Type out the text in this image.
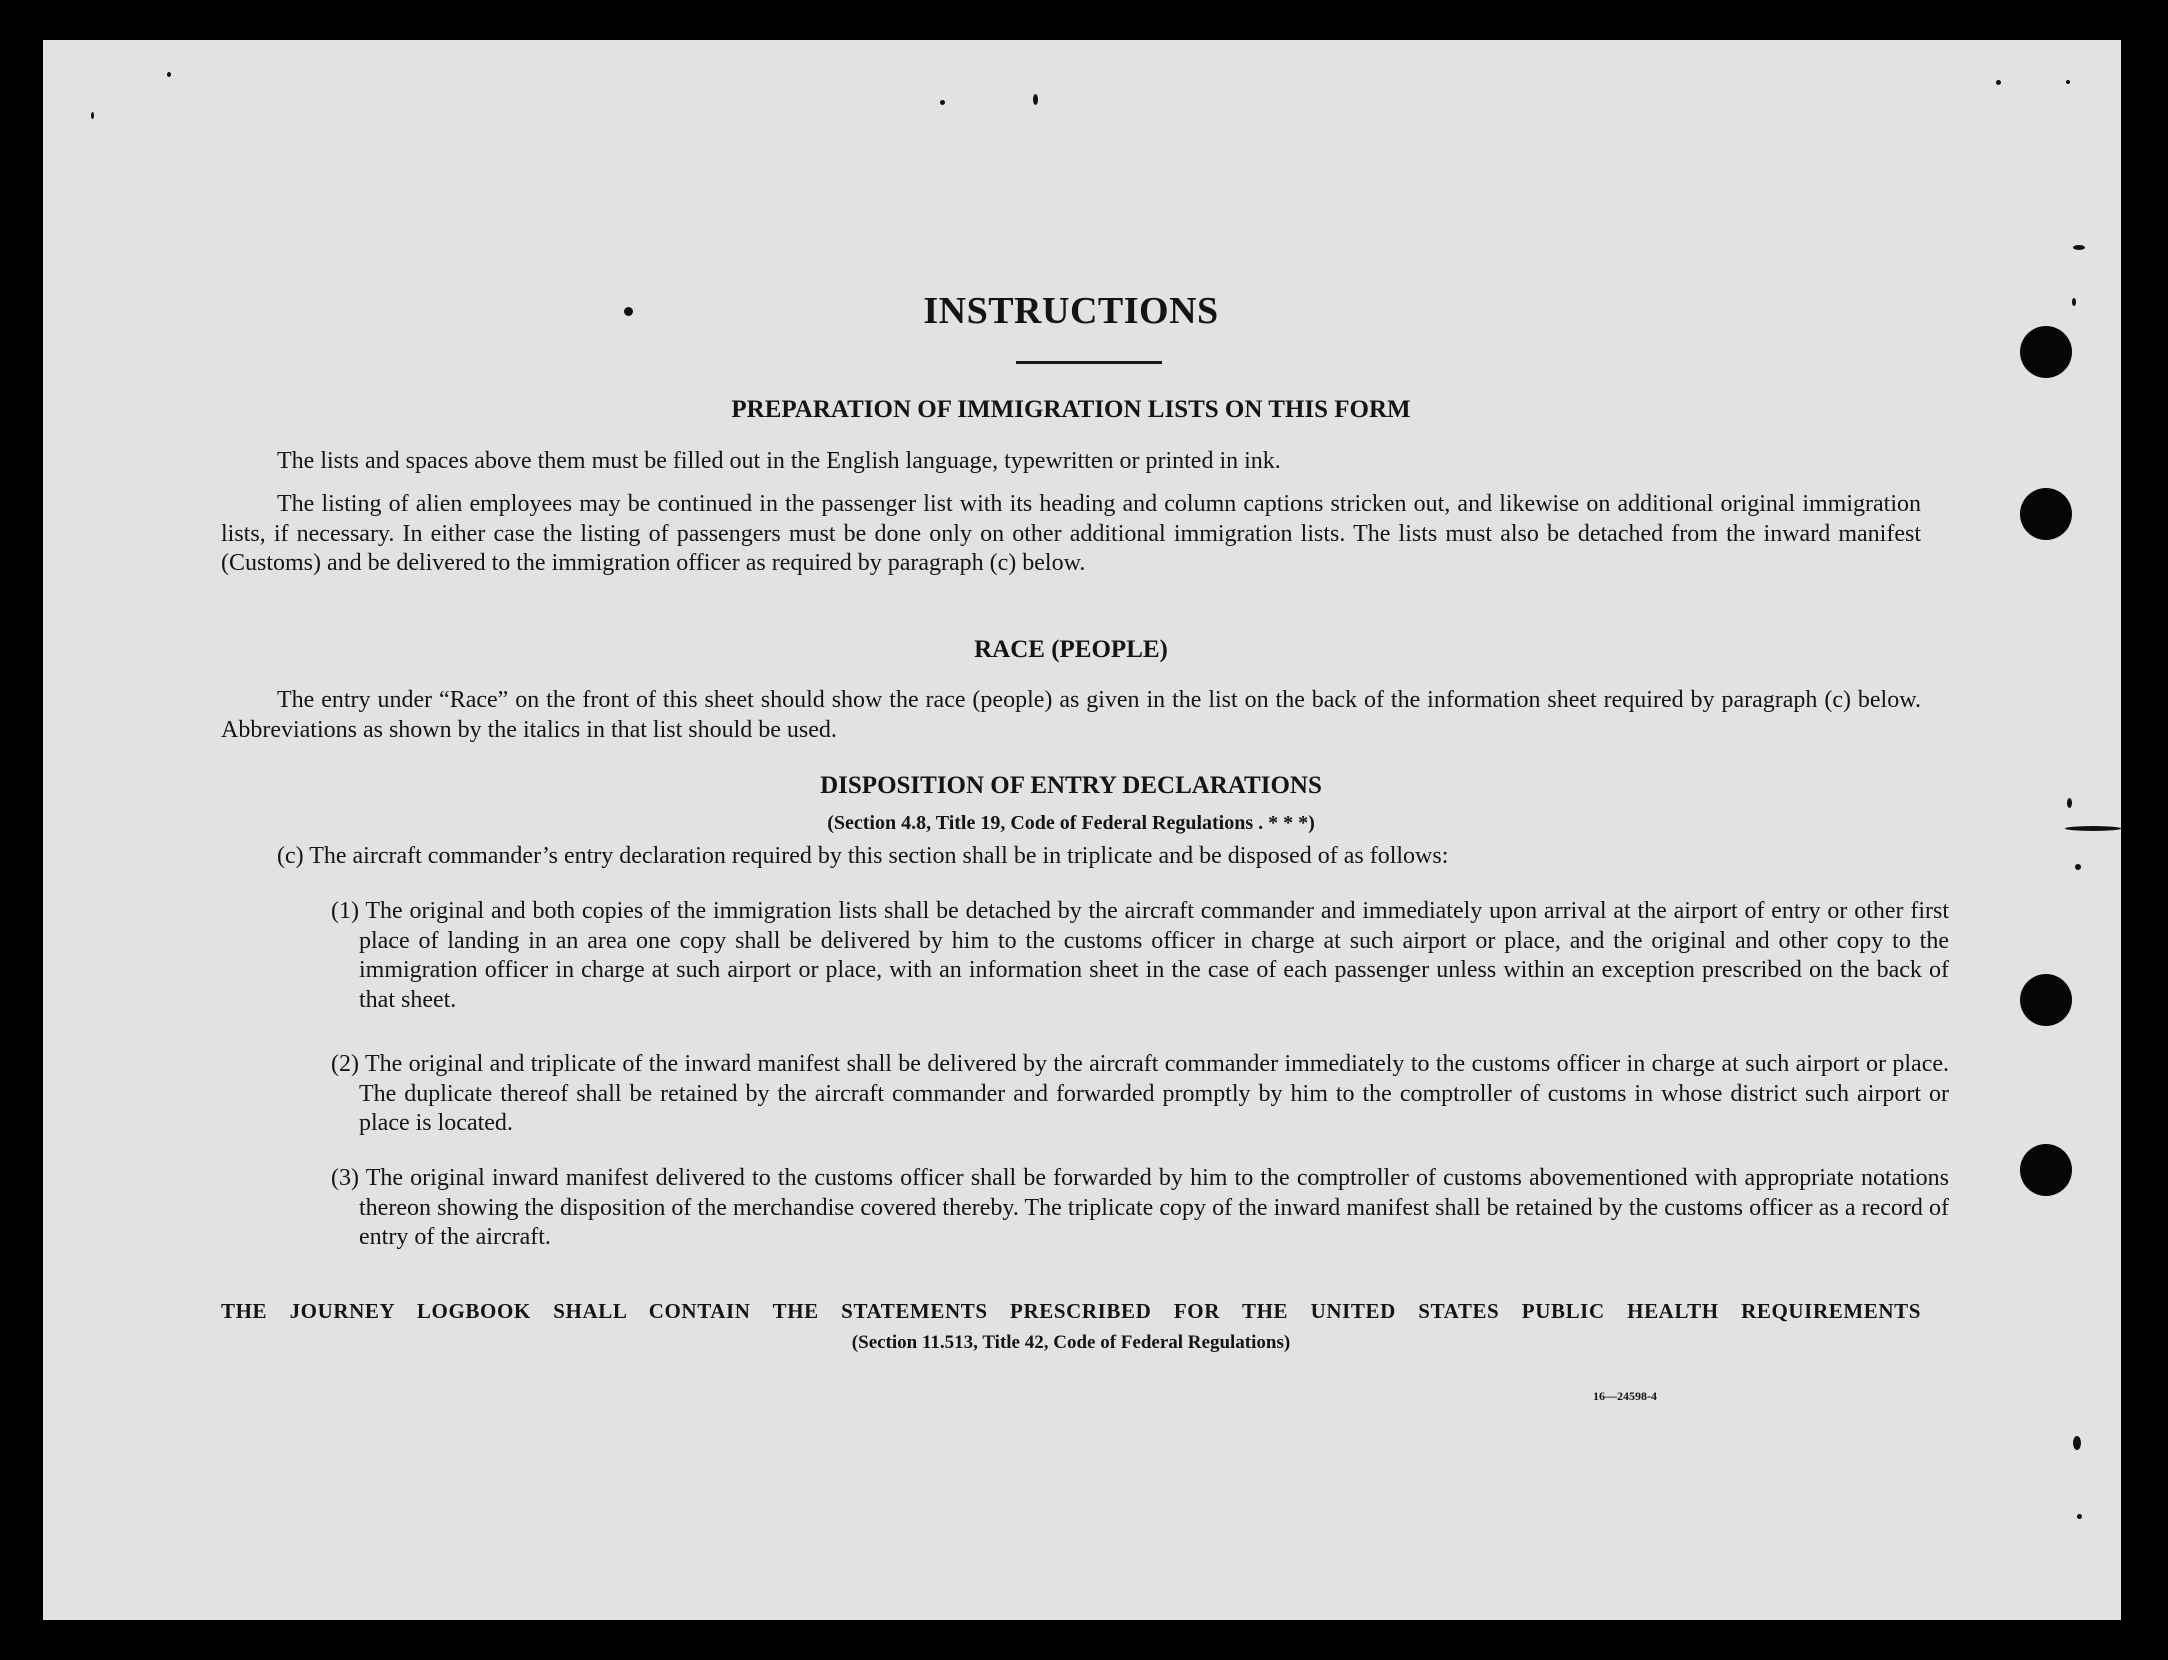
INSTRUCTIONS
PREPARATION OF IMMIGRATION LISTS ON THIS FORM

The lists and spaces above them must be filled out in the English language, typewritten or printed in ink.

The listing of alien employees may be continued in the passenger list with its heading and column captions stricken out, and likewise on additional original immigration lists, if necessary. In either case the listing of passengers must be done only on other additional immigration lists. The lists must also be detached from the inward manifest (Customs) and be delivered to the immigration officer as required by paragraph (c) below.

RACE (PEOPLE)

The entry under “Race” on the front of this sheet should show the race (people) as given in the list on the back of the information sheet required by paragraph (c) below. Abbreviations as shown by the italics in that list should be used.

DISPOSITION OF ENTRY DECLARATIONS

(Section 4.8, Title 19, Code of Federal Regulations . * * *)

(c) The aircraft commander’s entry declaration required by this section shall be in triplicate and be disposed of as follows:

(1) The original and both copies of the immigration lists shall be detached by the aircraft commander and immediately upon arrival at the airport of entry or other first place of landing in an area one copy shall be delivered by him to the customs officer in charge at such airport or place, and the original and other copy to the immigration officer in charge at such airport or place, with an information sheet in the case of each passenger unless within an exception prescribed on the back of that sheet.

(2) The original and triplicate of the inward manifest shall be delivered by the aircraft commander immediately to the customs officer in charge at such airport or place. The duplicate thereof shall be retained by the aircraft commander and forwarded promptly by him to the comptroller of customs in whose district such airport or place is located.

(3) The original inward manifest delivered to the customs officer shall be forwarded by him to the comptroller of customs abovementioned with appropriate notations thereon showing the disposition of the merchandise covered thereby. The triplicate copy of the inward manifest shall be retained by the customs officer as a record of entry of the aircraft.

THE JOURNEY LOGBOOK SHALL CONTAIN THE STATEMENTS PRESCRIBED FOR THE UNITED STATES PUBLIC HEALTH REQUIREMENTS

(Section 11.513, Title 42, Code of Federal Regulations)

16—24598-4
